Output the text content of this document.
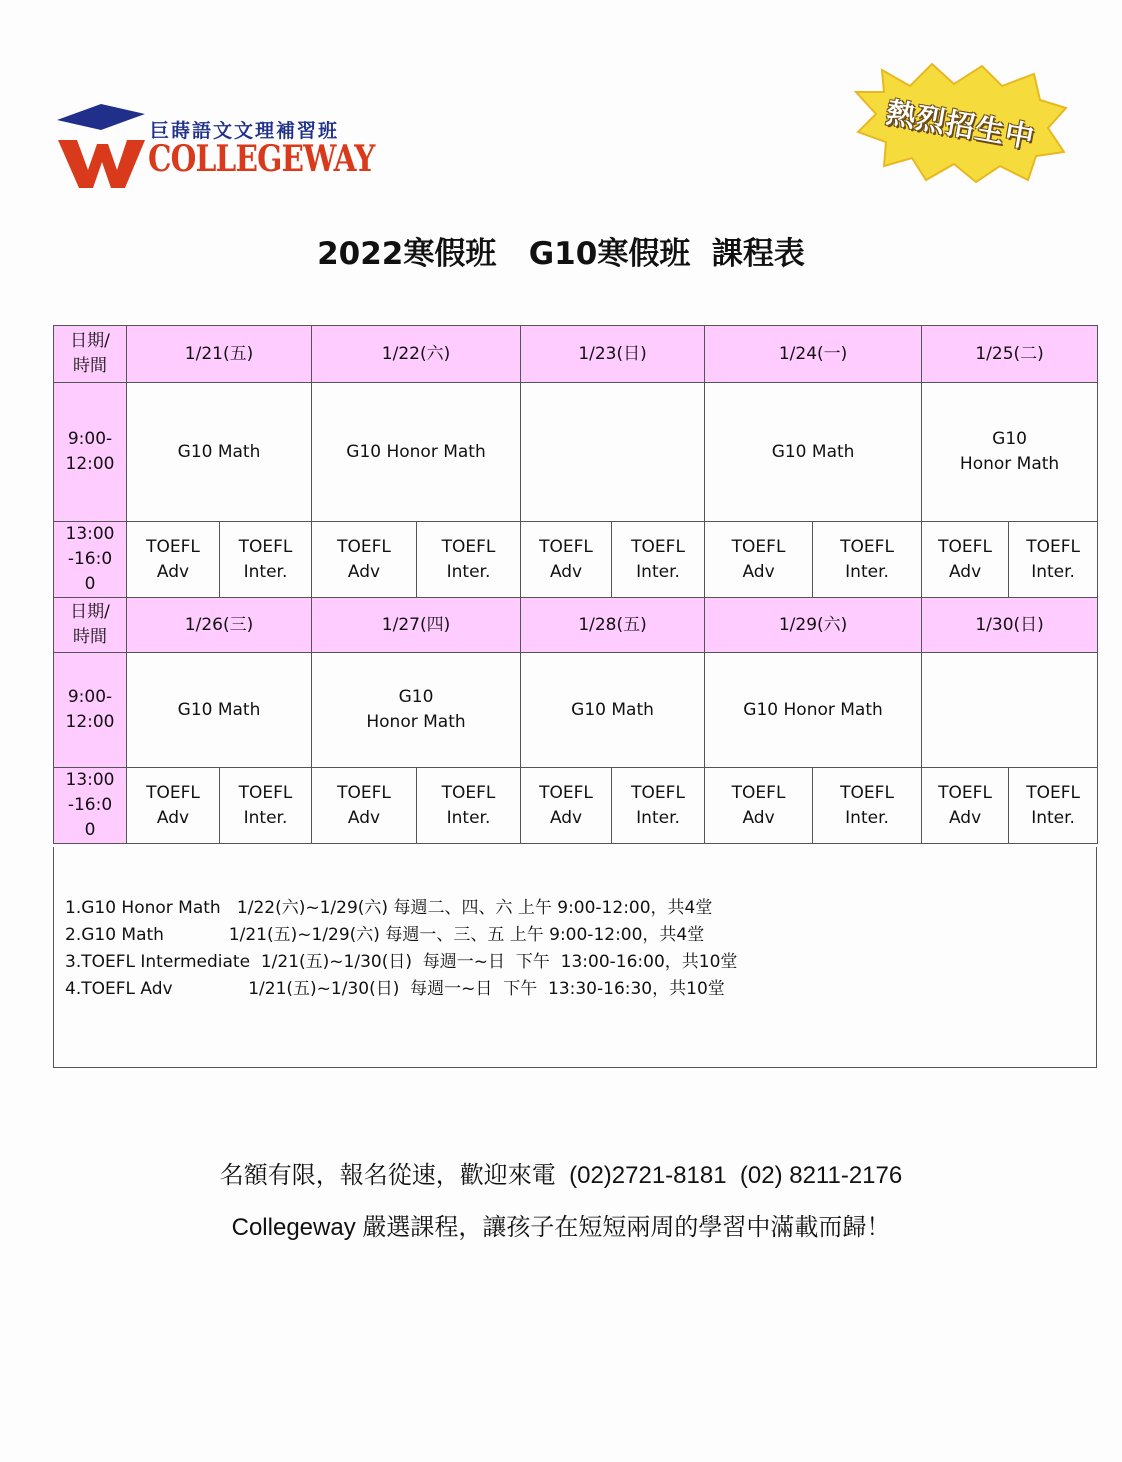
巨蒔語文文理補習班
COLLEGEWAY
熱烈招生中
2022寒假班   G10寒假班  課程表
日期/
時間	1/21(五)		1/22(六)		1/23(日)		1/24(一)		1/25(二)	
9:00-
12:00	G10 Math		G10 Honor Math				G10 Math		G10
Honor Math	
13:00
-16:0
0	TOEFL
Adv	TOEFL
Inter.	TOEFL
Adv	TOEFL
Inter.	TOEFL
Adv	TOEFL
Inter.	TOEFL
Adv	TOEFL
Inter.	TOEFL
Adv	TOEFL
Inter.
日期/
時間	1/26(三)		1/27(四)		1/28(五)		1/29(六)		1/30(日)	
9:00-
12:00	G10 Math		G10
Honor Math		G10 Math		G10 Honor Math			
13:00
-16:0
0	TOEFL
Adv	TOEFL
Inter.	TOEFL
Adv	TOEFL
Inter.	TOEFL
Adv	TOEFL
Inter.	TOEFL
Adv	TOEFL
Inter.	TOEFL
Adv	TOEFL
Inter.
1.G10 Honor Math   1/22(六)~1/29(六) 每週二、四、六 上午 9:00-12:00，共4堂
2.G10 Math            1/21(五)~1/29(六) 每週一、三、五 上午 9:00-12:00，共4堂
3.TOEFL Intermediate  1/21(五)~1/30(日)  每週一~日  下午  13:00-16:00，共10堂
4.TOEFL Adv              1/21(五)~1/30(日)  每週一~日  下午  13:30-16:30，共10堂
名額有限，報名從速，歡迎來電  (02)2721-8181  (02) 8211-2176
Collegeway 嚴選課程，讓孩子在短短兩周的學習中滿載而歸！
